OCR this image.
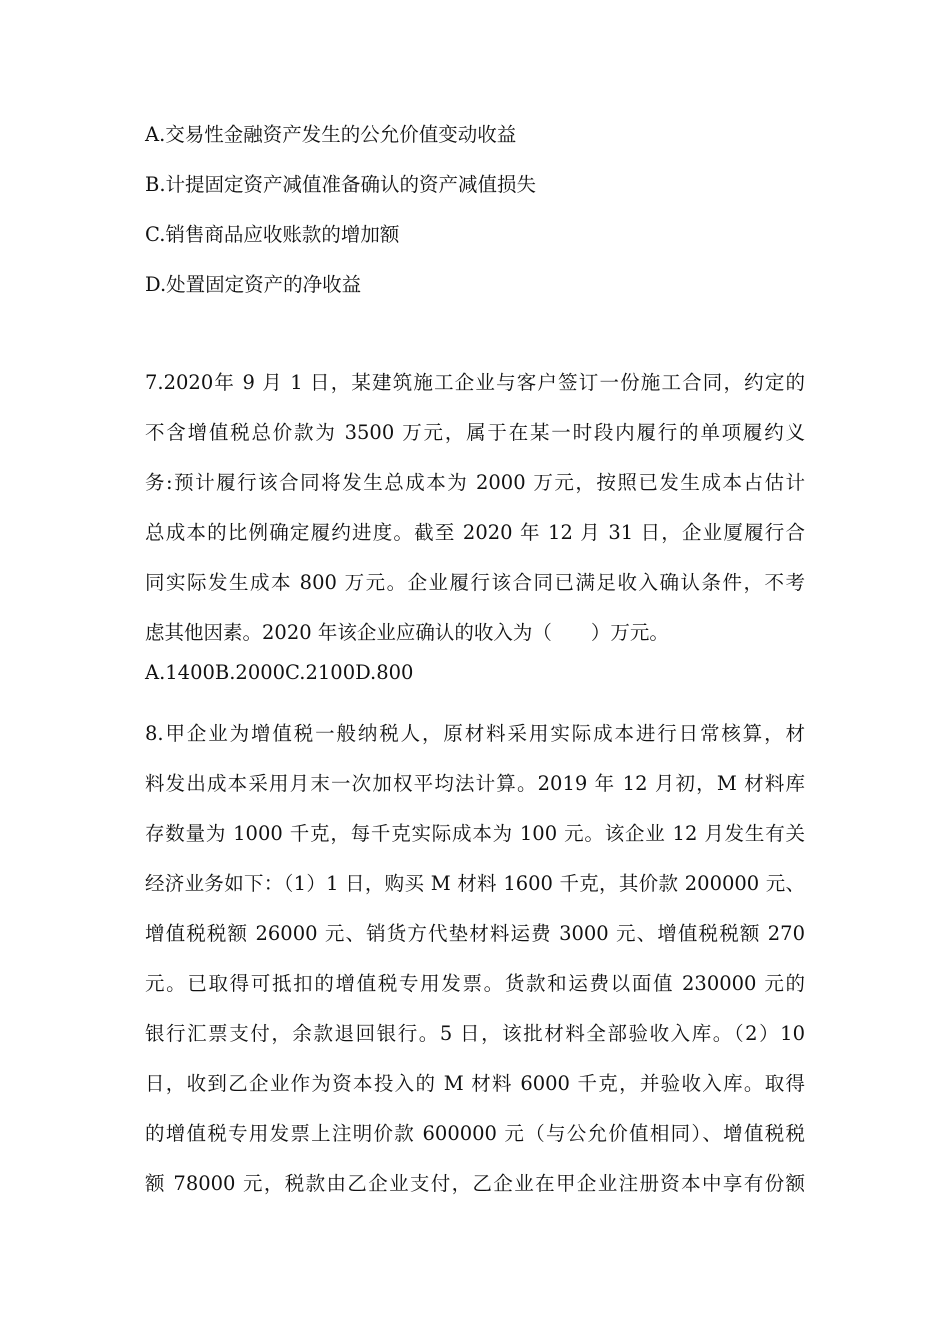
A.交易性金融资产发生的公允价值变动收益
B.计提固定资产减值准备确认的资产减值损失
C.销售商品应收账款的增加额
D.处置固定资产的净收益
7.2020年 9 月 1 日，某建筑施工企业与客户签订一份施工合同，约定的
不含增值税总价款为 3500 万元，属于在某一时段内履行的单项履约义
务:预计履行该合同将发生总成本为 2000 万元，按照已发生成本占估计
总成本的比例确定履约进度。截至 2020 年 12 月 31 日，企业厦履行合
同实际发生成本 800 万元。企业履行该合同已满足收入确认条件，不考
虑其他因素。2020 年该企业应确认的收入为（　　）万元。
A.1400B.2000C.2100D.800
8.甲企业为增值税一般纳税人，原材料采用实际成本进行日常核算，材
料发出成本采用月末一次加权平均法计算。2019 年 12 月初，M 材料库
存数量为 1000 千克，每千克实际成本为 100 元。该企业 12 月发生有关
经济业务如下：（1）1 日，购买 M 材料 1600 千克，其价款 200000 元、
增值税税额 26000 元、销货方代垫材料运费 3000 元、增值税税额 270
元。已取得可抵扣的增值税专用发票。货款和运费以面值 230000 元的
银行汇票支付，余款退回银行。5 日，该批材料全部验收入库。（2）10
日，收到乙企业作为资本投入的 M 材料 6000 千克，并验收入库。取得
的增值税专用发票上注明价款 600000 元（与公允价值相同）、增值税税
额 78000 元，税款由乙企业支付，乙企业在甲企业注册资本中享有份额
